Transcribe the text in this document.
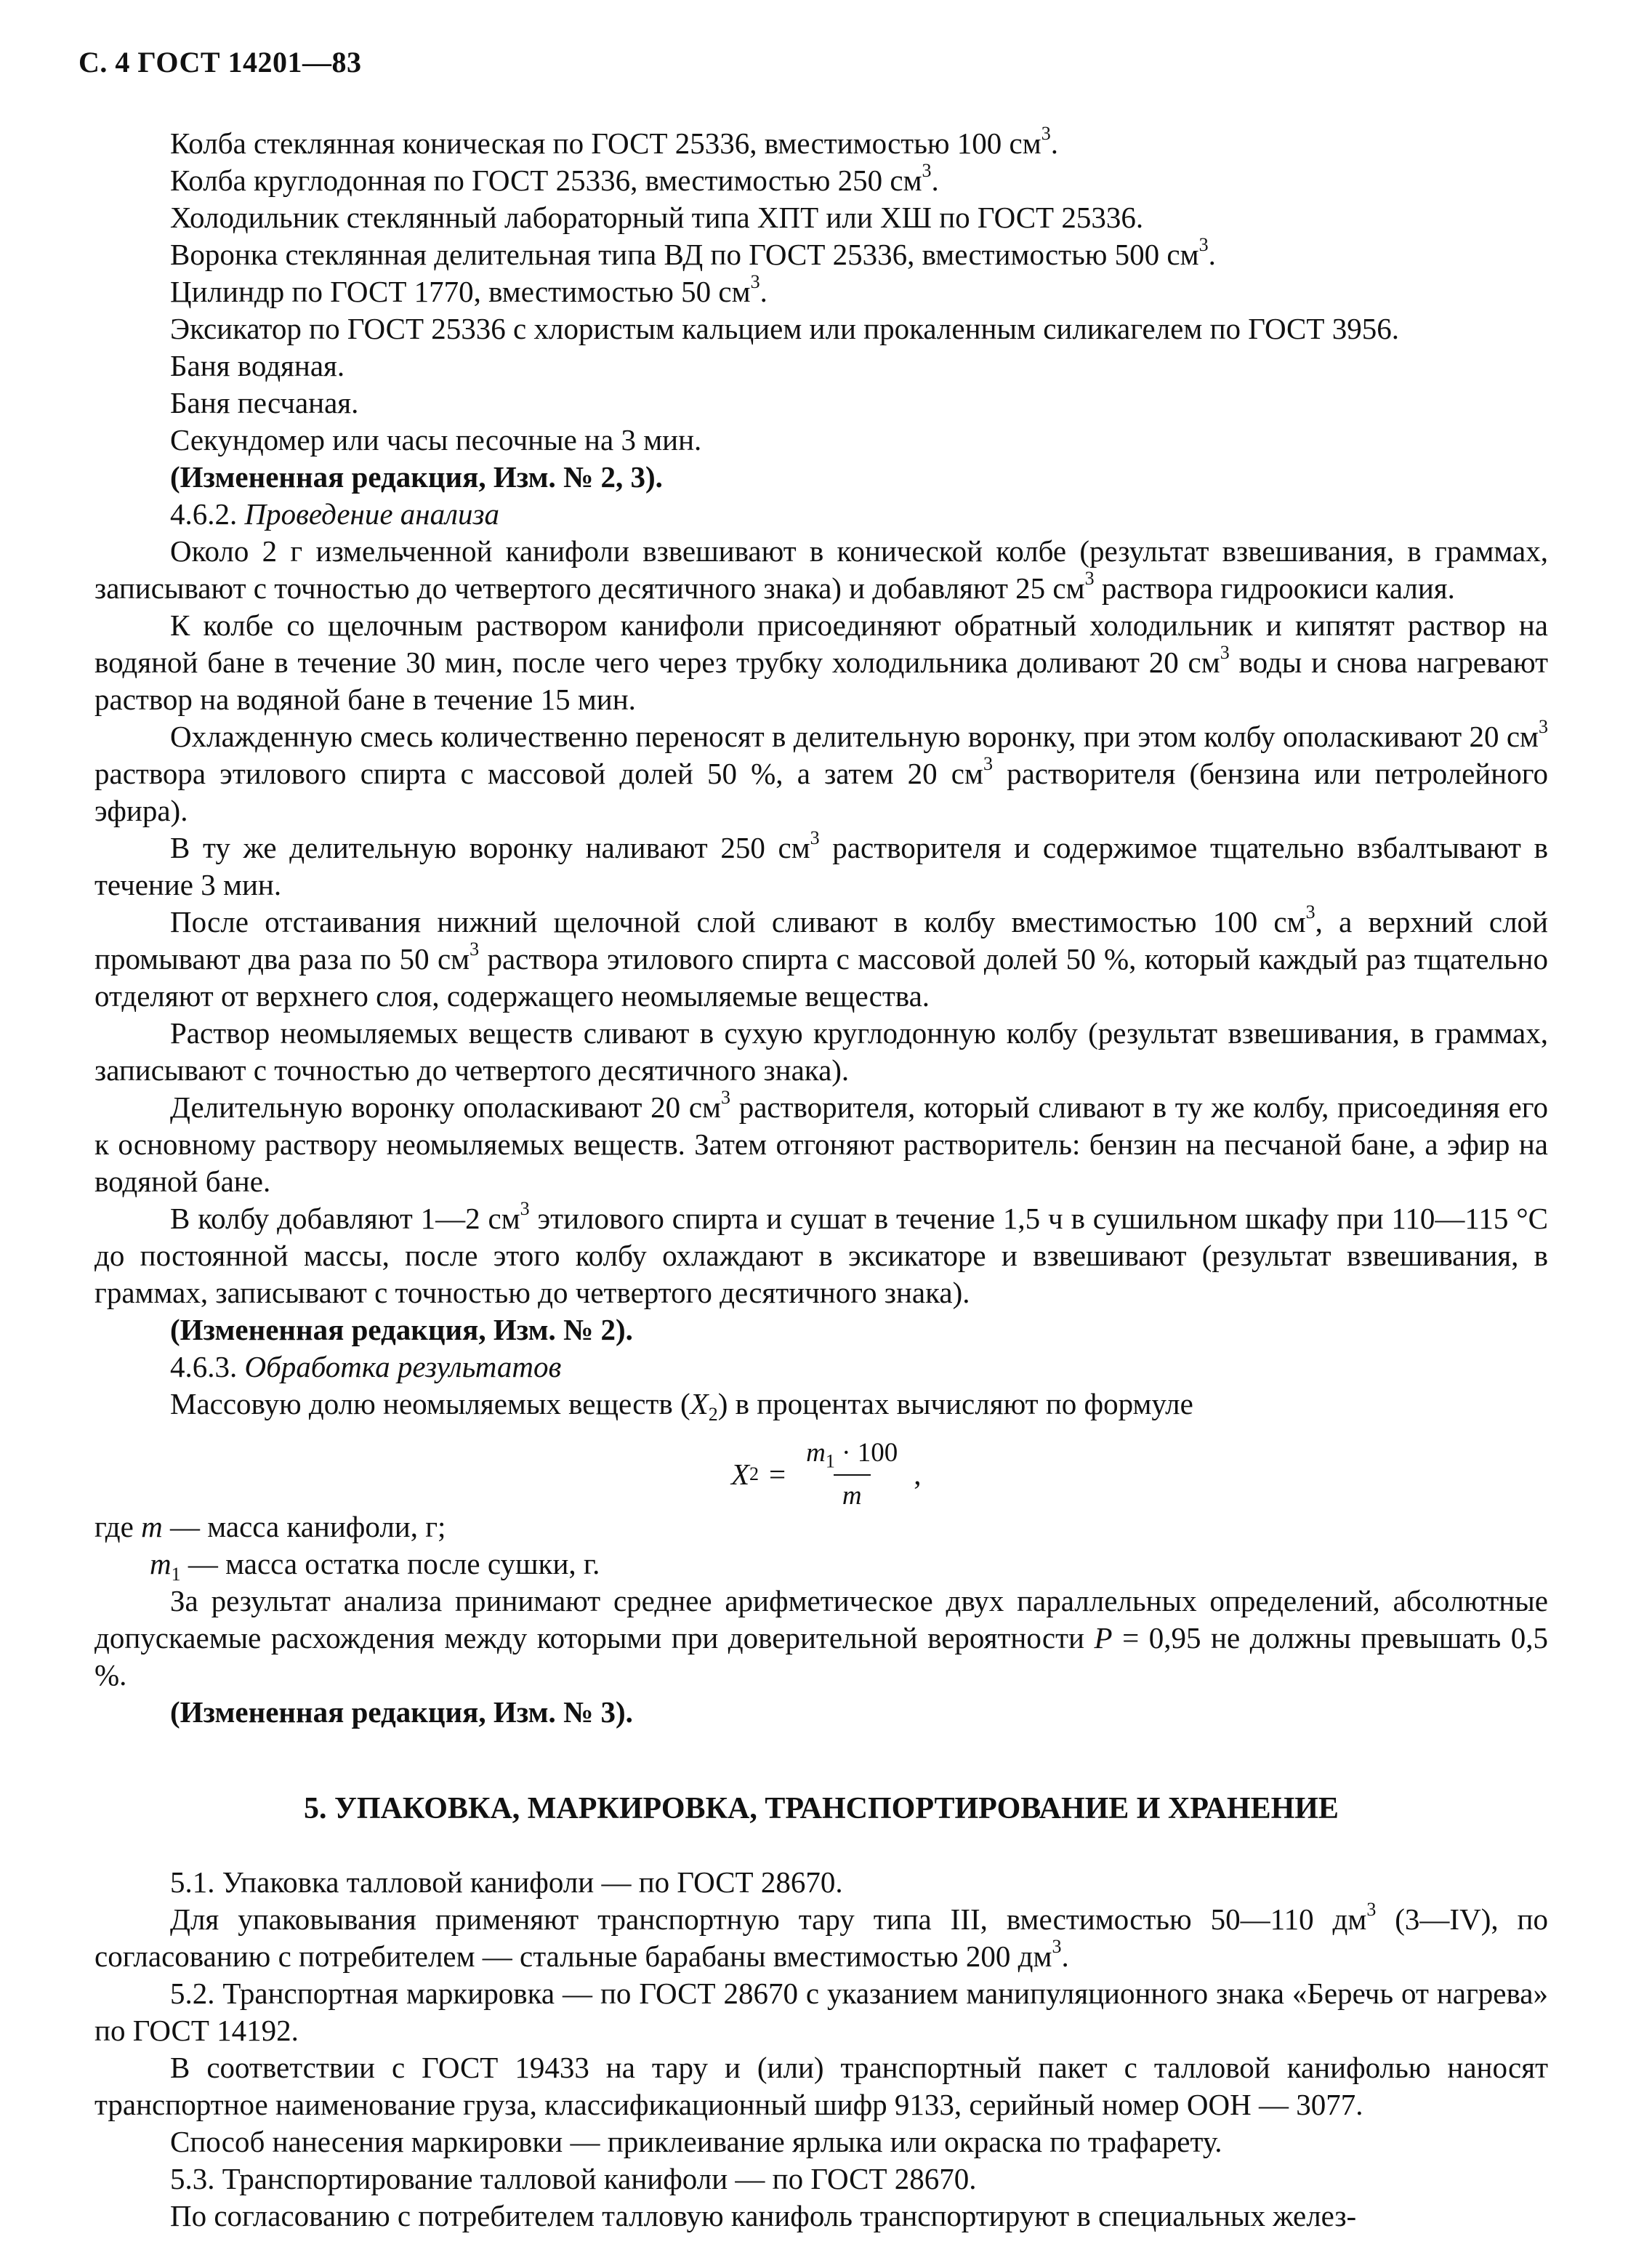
С. 4 ГОСТ 14201—83
Колба стеклянная коническая по ГОСТ 25336, вместимостью 100 $см^3$.
Колба круглодонная по ГОСТ 25336, вместимостью 250 $см^3$.
Холодильник стеклянный лабораторный типа ХПТ или ХШ по ГОСТ 25336.
Воронка стеклянная делительная типа ВД по ГОСТ 25336, вместимостью 500 $см^3$.
Цилиндр по ГОСТ 1770, вместимостью 50 $см^3$.
Эксикатор по ГОСТ 25336 с хлористым кальцием или прокаленным силикагелем по ГОСТ 3956.
Баня водяная.
Баня песчаная.
Секундомер или часы песочные на 3 мин.
(Измененная редакция, Изм. № 2, 3).
4.6.2. Проведение анализа

Около 2 г измельченной канифоли взвешивают в конической колбе (результат взвешивания, в граммах, записывают с точностью до четвертого десятичного знака) и добавляют 25 $см^3$ раствора гидроокиси калия.

К колбе со щелочным раствором канифоли присоединяют обратный холодильник и кипятят раствор на водяной бане в течение 30 мин, после чего через трубку холодильника доливают 20 $см^3$ воды и снова нагревают раствор на водяной бане в течение 15 мин.

Охлажденную смесь количественно переносят в делительную воронку, при этом колбу ополаскивают 20 $см^3$ раствора этилового спирта с массовой долей 50 %, а затем 20 $см^3$ растворителя (бензина или петролейного эфира).

В ту же делительную воронку наливают 250 $см^3$ растворителя и содержимое тщательно взбалтывают в течение 3 мин.

После отстаивания нижний щелочной слой сливают в колбу вместимостью 100 $см^3$, а верхний слой промывают два раза по 50 $см^3$ раствора этилового спирта с массовой долей 50 %, который каждый раз тщательно отделяют от верхнего слоя, содержащего неомыляемые вещества.

Раствор неомыляемых веществ сливают в сухую круглодонную колбу (результат взвешивания, в граммах, записывают с точностью до четвертого десятичного знака).

Делительную воронку ополаскивают 20 $см^3$ растворителя, который сливают в ту же колбу, присоединяя его к основному раствору неомыляемых веществ. Затем отгоняют растворитель: бензин на песчаной бане, а эфир на водяной бане.

В колбу добавляют 1—2 $см^3$ этилового спирта и сушат в течение 1,5 ч в сушильном шкафу при 110—115 °С до постоянной массы, после этого колбу охлаждают в эксикаторе и взвешивают (результат взвешивания, в граммах, записывают с точностью до четвертого десятичного знака).

(Измененная редакция, Изм. № 2).
4.6.3. Обработка результатов

Массовую долю неомыляемых веществ $(X_2)$ в процентах вычисляют по формуле

X $2 = \frac{m_1 \cdot 100}{m}$ ,
где m — масса канифоли, г;
$m_1$ — масса остатка после сушки, г.

За результат анализа принимают среднее арифметическое двух параллельных определений, абсолютные допускаемые расхождения между которыми при доверительной вероятности P = 0,95 не должны превышать 0,5 %.

(Измененная редакция, Изм. № 3).
5. УПАКОВКА, МАРКИРОВКА, ТРАНСПОРТИРОВАНИЕ И ХРАНЕНИЕ

5.1. Упаковка талловой канифоли — по ГОСТ 28670.

Для упаковывания применяют транспортную тару типа III, вместимостью 50—110 $дм^3$ (3—IV), по согласованию с потребителем — стальные барабаны вместимостью 200 $дм^3$.

5.2. Транспортная маркировка — по ГОСТ 28670 с указанием манипуляционного знака «Беречь от нагрева» по ГОСТ 14192.

В соответствии с ГОСТ 19433 на тару и (или) транспортный пакет с талловой канифолью наносят транспортное наименование груза, классификационный шифр 9133, серийный номер ООН — 3077.

Способ нанесения маркировки — приклеивание ярлыка или окраска по трафарету.

5.3. Транспортирование талловой канифоли — по ГОСТ 28670.

По согласованию с потребителем талловую канифоль транспортируют в специальных желез-
